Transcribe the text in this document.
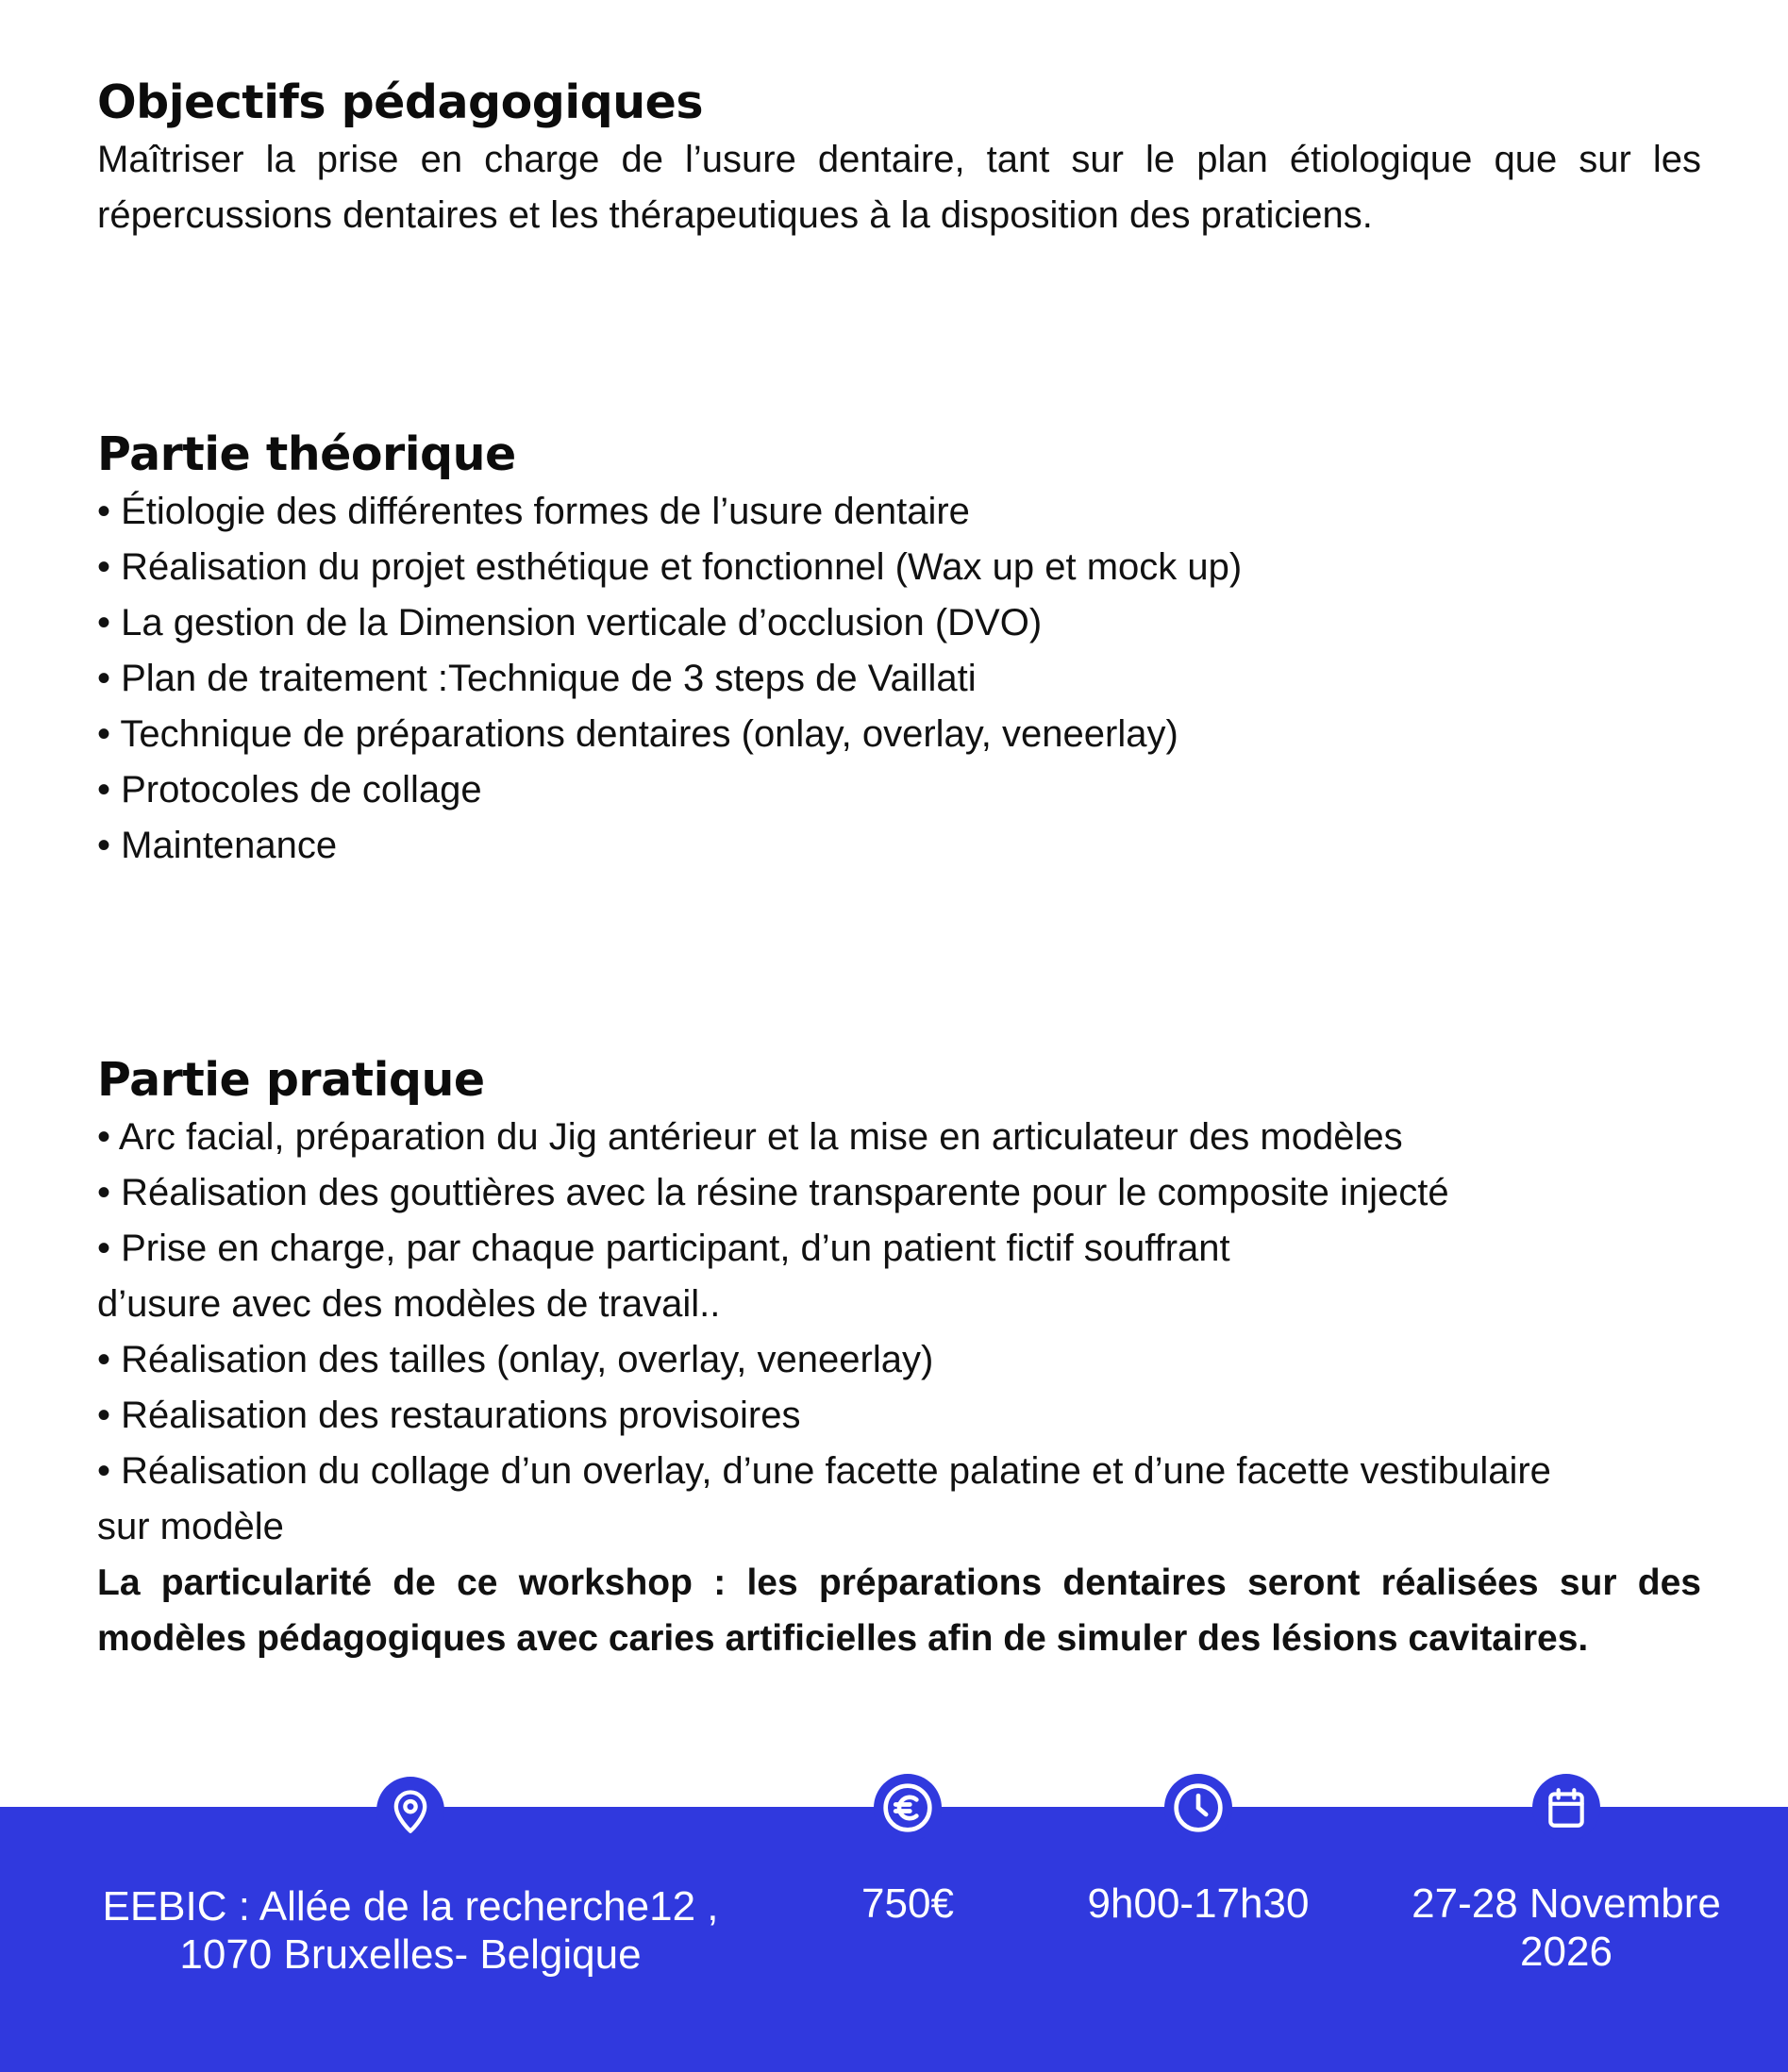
Objectifs pédagogiques

Maîtriser la prise en charge de l’usure dentaire, tant sur le plan étiologique que sur les répercussions dentaires et les thérapeutiques à la disposition des praticiens.

Partie théorique
• Étiologie des différentes formes de l’usure dentaire
• Réalisation du projet esthétique et fonctionnel (Wax up et mock up)
• La gestion de la Dimension verticale d’occlusion (DVO)
• Plan de traitement :Technique de 3 steps de Vaillati
• Technique de préparations dentaires (onlay, overlay, veneerlay)
• Protocoles de collage
• Maintenance
Partie pratique
• Arc facial, préparation du Jig antérieur et la mise en articulateur des modèles
• Réalisation des gouttières avec la résine transparente pour le composite injecté
• Prise en charge, par chaque participant, d’un patient fictif souffrant
d’usure avec des modèles de travail..
• Réalisation des tailles (onlay, overlay, veneerlay)
• Réalisation des restaurations provisoires
• Réalisation du collage d’un overlay, d’une facette palatine et d’une facette vestibulaire
sur modèle

La particularité de ce workshop : les préparations dentaires seront réalisées sur des modèles pédagogiques avec caries artificielles afin de simuler des lésions cavitaires.

EEBIC : Allée de la recherche12 ,
1070 Bruxelles- Belgique
750€	9h00-17h30	27-28 Novembre
2026
